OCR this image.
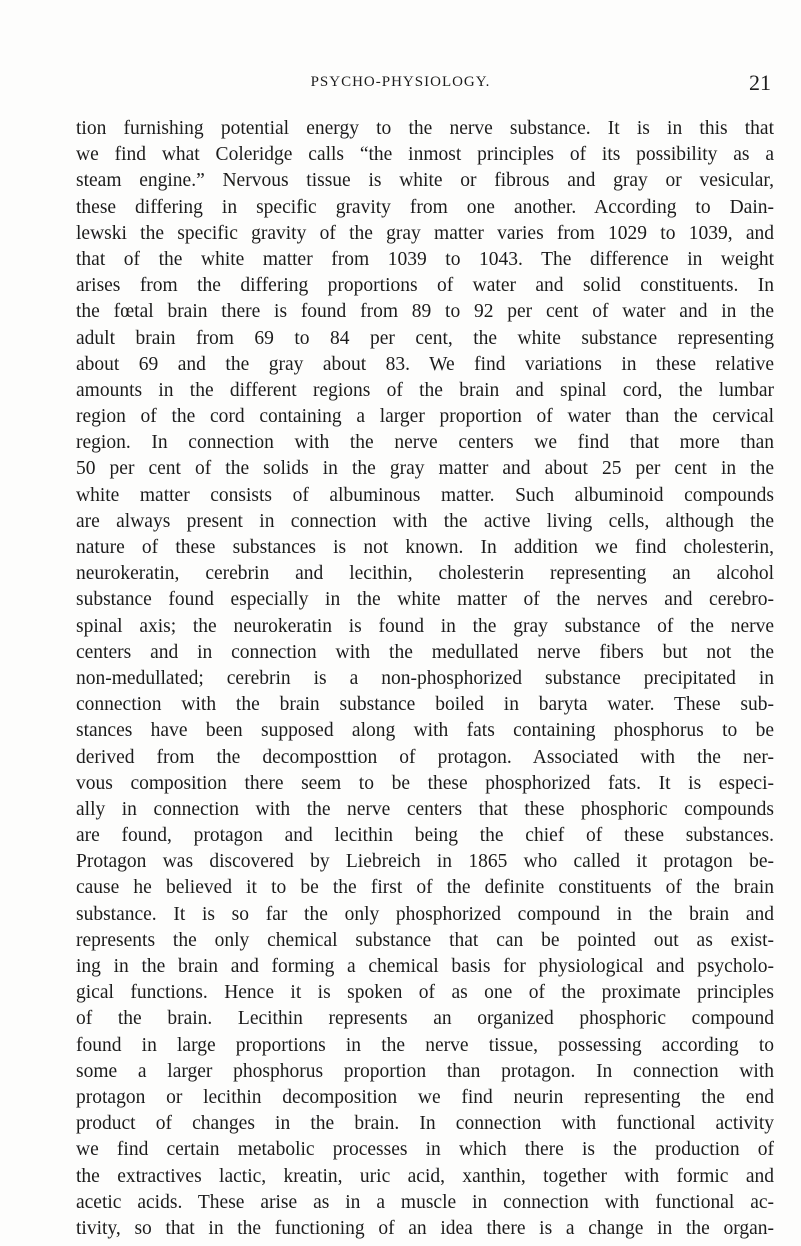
PSYCHO-PHYSIOLOGY.	21
tion furnishing potential energy to the nerve substance. It is in this that
we find what Coleridge calls “the inmost principles of its possibility as a
steam engine.” Nervous tissue is white or fibrous and gray or vesicular,
these differing in specific gravity from one another. According to Dain-
lewski the specific gravity of the gray matter varies from 1029 to 1039, and
that of the white matter from 1039 to 1043. The difference in weight
arises from the differing proportions of water and solid constituents. In
the fœtal brain there is found from 89 to 92 per cent of water and in the
adult brain from 69 to 84 per cent, the white substance representing
about 69 and the gray about 83. We find variations in these relative
amounts in the different regions of the brain and spinal cord, the lumbar
region of the cord containing a larger proportion of water than the cervical
region. In connection with the nerve centers we find that more than
50 per cent of the solids in the gray matter and about 25 per cent in the
white matter consists of albuminous matter. Such albuminoid compounds
are always present in connection with the active living cells, although the
nature of these substances is not known. In addition we find cholesterin,
neurokeratin, cerebrin and lecithin, cholesterin representing an alcohol
substance found especially in the white matter of the nerves and cerebro-
spinal axis; the neurokeratin is found in the gray substance of the nerve
centers and in connection with the medullated nerve fibers but not the
non-medullated; cerebrin is a non-phosphorized substance precipitated in
connection with the brain substance boiled in baryta water. These sub-
stances have been supposed along with fats containing phosphorus to be
derived from the decomposttion of protagon. Associated with the ner-
vous composition there seem to be these phosphorized fats. It is especi-
ally in connection with the nerve centers that these phosphoric compounds
are found, protagon and lecithin being the chief of these substances.
Protagon was discovered by Liebreich in 1865 who called it protagon be-
cause he believed it to be the first of the definite constituents of the brain
substance. It is so far the only phosphorized compound in the brain and
represents the only chemical substance that can be pointed out as exist-
ing in the brain and forming a chemical basis for physiological and psycholo-
gical functions. Hence it is spoken of as one of the proximate principles
of the brain. Lecithin represents an organized phosphoric compound
found in large proportions in the nerve tissue, possessing according to
some a larger phosphorus proportion than protagon. In connection with
protagon or lecithin decomposition we find neurin representing the end
product of changes in the brain. In connection with functional activity
we find certain metabolic processes in which there is the production of
the extractives lactic, kreatin, uric acid, xanthin, together with formic and
acetic acids. These arise as in a muscle in connection with functional ac-
tivity, so that in the functioning of an idea there is a change in the organ-
